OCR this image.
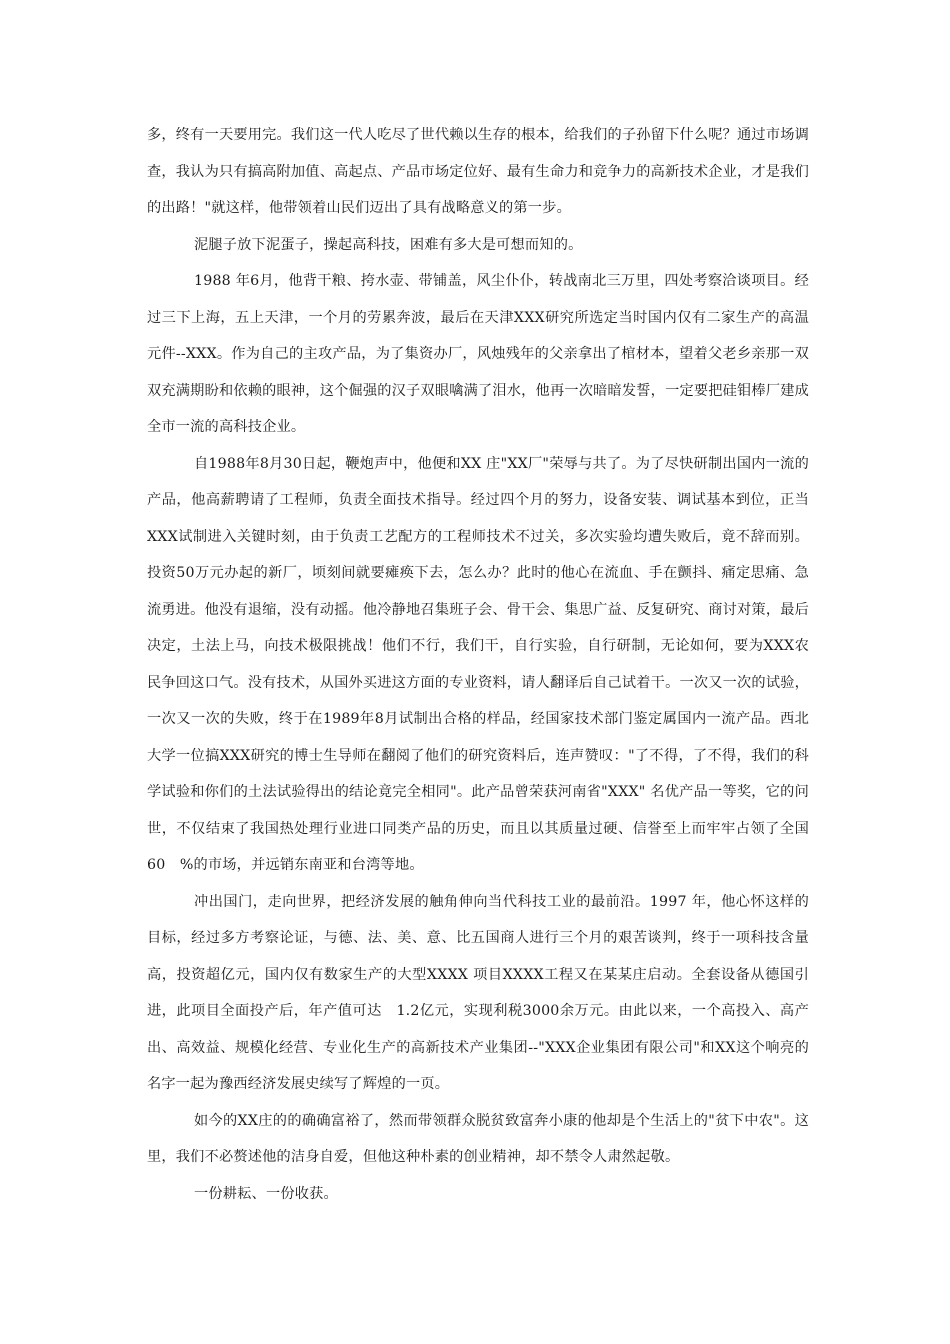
多，终有一天要用完。我们这一代人吃尽了世代赖以生存的根本，给我们的子孙留下什么呢？通过市场调查，我认为只有搞高附加值、高起点、产品市场定位好、最有生命力和竞争力的高新技术企业，才是我们的出路！"就这样，他带领着山民们迈出了具有战略意义的第一步。

泥腿子放下泥蛋子，操起高科技，困难有多大是可想而知的。

1988 年6月，他背干粮、挎水壶、带铺盖，风尘仆仆，转战南北三万里，四处考察洽谈项目。经过三下上海，五上天津，一个月的劳累奔波，最后在天津XXX研究所选定当时国内仅有二家生产的高温元件--XXX。作为自己的主攻产品，为了集资办厂，风烛残年的父亲拿出了棺材本，望着父老乡亲那一双双充满期盼和依赖的眼神，这个倔强的汉子双眼噙满了泪水，他再一次暗暗发誓，一定要把硅钼棒厂建成全市一流的高科技企业。

自1988年8月30日起，鞭炮声中，他便和XX 庄"XX厂"荣辱与共了。为了尽快研制出国内一流的产品，他高薪聘请了工程师，负责全面技术指导。经过四个月的努力，设备安装、调试基本到位，正当XXX试制进入关键时刻，由于负责工艺配方的工程师技术不过关，多次实验均遭失败后，竟不辞而别。投资50万元办起的新厂，顷刻间就要瘫痪下去，怎么办？此时的他心在流血、手在颤抖、痛定思痛、急流勇进。他没有退缩，没有动摇。他冷静地召集班子会、骨干会、集思广益、反复研究、商讨对策，最后决定，土法上马，向技术极限挑战！他们不行，我们干，自行实验，自行研制，无论如何，要为XXX农民争回这口气。没有技术，从国外买进这方面的专业资料，请人翻译后自己试着干。一次又一次的试验，一次又一次的失败，终于在1989年8月试制出合格的样品，经国家技术部门鉴定属国内一流产品。西北大学一位搞XXX研究的博士生导师在翻阅了他们的研究资料后，连声赞叹："了不得，了不得，我们的科学试验和你们的土法试验得出的结论竟完全相同"。此产品曾荣获河南省"XXX" 名优产品一等奖，它的问世，不仅结束了我国热处理行业进口同类产品的历史，而且以其质量过硬、信誉至上而牢牢占领了全国60　%的市场，并远销东南亚和台湾等地。

冲出国门，走向世界，把经济发展的触角伸向当代科技工业的最前沿。1997 年，他心怀这样的目标，经过多方考察论证，与德、法、美、意、比五国商人进行三个月的艰苦谈判，终于一项科技含量高，投资超亿元，国内仅有数家生产的大型XXXX 项目XXXX工程又在某某庄启动。全套设备从德国引进，此项目全面投产后，年产值可达　1.2亿元，实现利税3000余万元。由此以来，一个高投入、高产出、高效益、规模化经营、专业化生产的高新技术产业集团--"XXX企业集团有限公司"和XX这个响亮的名字一起为豫西经济发展史续写了辉煌的一页。

如今的XX庄的的确确富裕了，然而带领群众脱贫致富奔小康的他却是个生活上的"贫下中农"。这里，我们不必赘述他的洁身自爱，但他这种朴素的创业精神，却不禁令人肃然起敬。

一份耕耘、一份收获。
